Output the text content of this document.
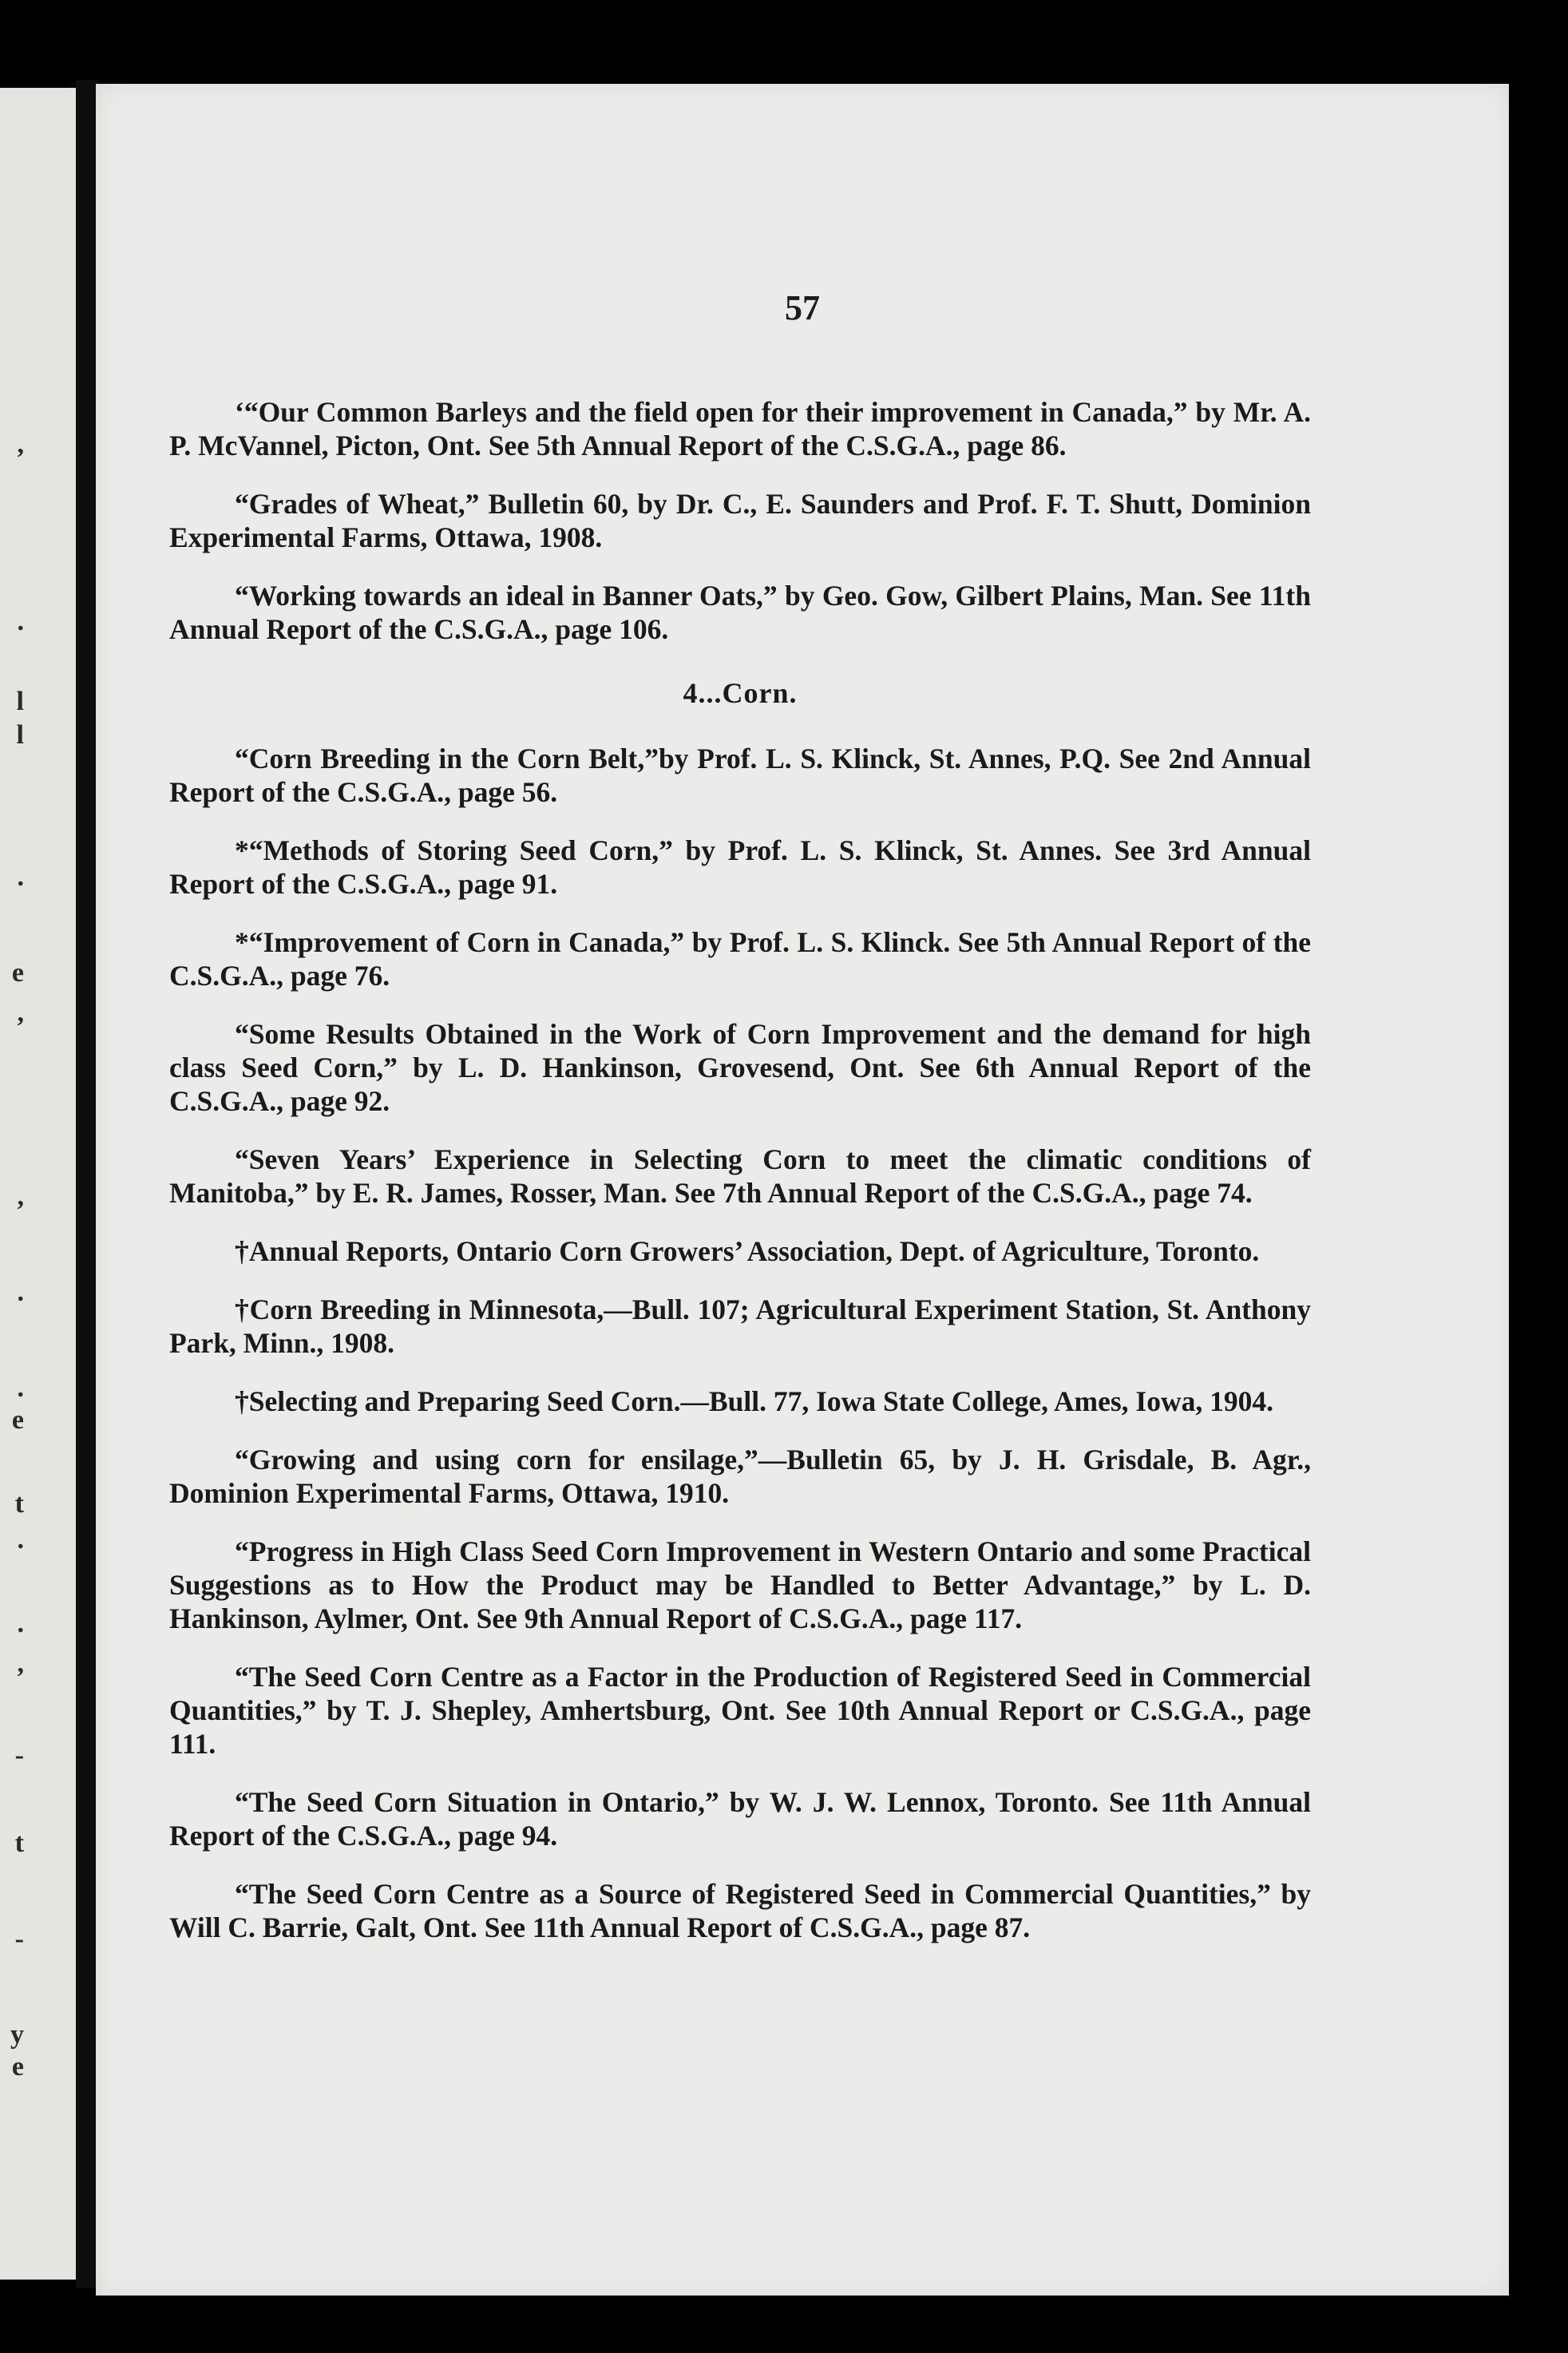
,
.
l
l
.
e
,
,
.
.
e
t
.
.
,
-
t
-
y
e
57

‘“Our Common Barleys and the field open for their improvement in Canada,” by Mr. A. P. McVannel, Picton, Ont. See 5th Annual Report of the C.S.G.A., page 86.

“Grades of Wheat,” Bulletin 60, by Dr. C., E. Saunders and Prof. F. T. Shutt, Dominion Experimental Farms, Ottawa, 1908.

“Working towards an ideal in Banner Oats,” by Geo. Gow, Gilbert Plains, Man. See 11th Annual Report of the C.S.G.A., page 106.

4...Corn.

“Corn Breeding in the Corn Belt,”by Prof. L. S. Klinck, St. Annes, P.Q. See 2nd Annual Report of the C.S.G.A., page 56.

*“Methods of Storing Seed Corn,” by Prof. L. S. Klinck, St. Annes. See 3rd Annual Report of the C.S.G.A., page 91.

*“Improvement of Corn in Canada,” by Prof. L. S. Klinck. See 5th Annual Report of the C.S.G.A., page 76.

“Some Results Obtained in the Work of Corn Improvement and the demand for high class Seed Corn,” by L. D. Hankinson, Grovesend, Ont. See 6th Annual Report of the C.S.G.A., page 92.

“Seven Years’ Experience in Selecting Corn to meet the climatic conditions of Manitoba,” by E. R. James, Rosser, Man. See 7th Annual Report of the C.S.G.A., page 74.

†Annual Reports, Ontario Corn Growers’ Association, Dept. of Agriculture, Toronto.

†Corn Breeding in Minnesota,—Bull. 107; Agricultural Experiment Station, St. Anthony Park, Minn., 1908.

†Selecting and Preparing Seed Corn.—Bull. 77, Iowa State College, Ames, Iowa, 1904.

“Growing and using corn for ensilage,”—Bulletin 65, by J. H. Grisdale, B. Agr., Dominion Experimental Farms, Ottawa, 1910.

“Progress in High Class Seed Corn Improvement in Western Ontario and some Practical Suggestions as to How the Product may be Handled to Better Advantage,” by L. D. Hankinson, Aylmer, Ont. See 9th Annual Report of C.S.G.A., page 117.

“The Seed Corn Centre as a Factor in the Production of Registered Seed in Commercial Quantities,” by T. J. Shepley, Amhertsburg, Ont. See 10th Annual Report or C.S.G.A., page 111.

“The Seed Corn Situation in Ontario,” by W. J. W. Lennox, Toronto. See 11th Annual Report of the C.S.G.A., page 94.

“The Seed Corn Centre as a Source of Registered Seed in Commercial Quantities,” by Will C. Barrie, Galt, Ont. See 11th Annual Report of C.S.G.A., page 87.
